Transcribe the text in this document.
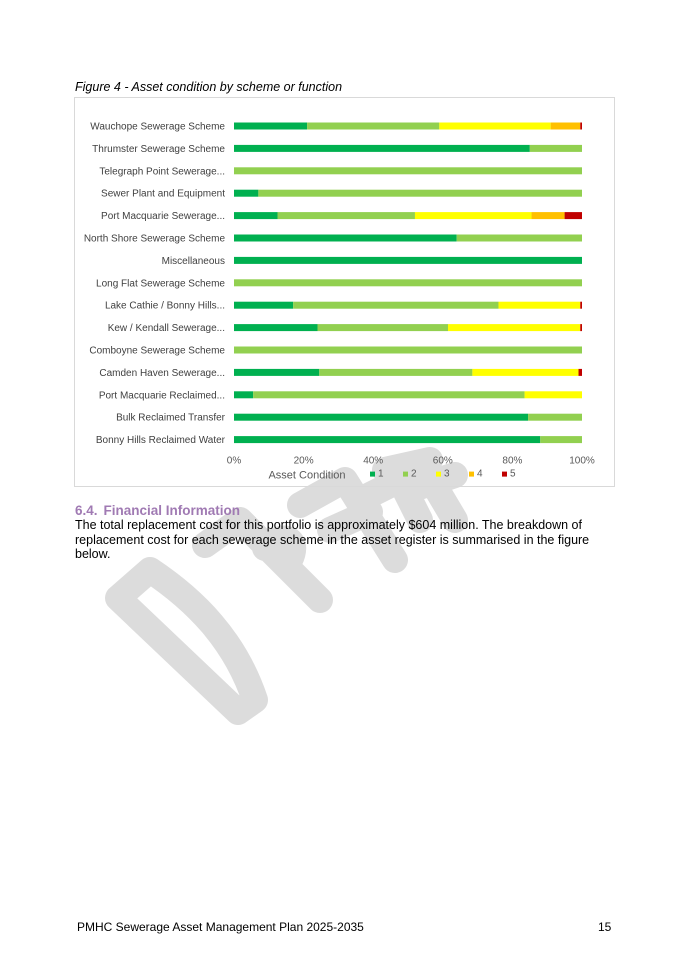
Figure 4 - Asset condition by scheme or function
Wauchope Sewerage Scheme
Thrumster Sewerage Scheme
Telegraph Point Sewerage...
Sewer Plant and Equipment
Port Macquarie Sewerage...
North Shore Sewerage Scheme
Miscellaneous
Long Flat Sewerage Scheme
Lake Cathie / Bonny Hills...
Kew / Kendall Sewerage...
Comboyne Sewerage Scheme
Camden Haven Sewerage...
Port Macquarie Reclaimed...
Bulk Reclaimed Transfer
Bonny Hills Reclaimed Water
0%	20%	40%	60%	80%	100%
Asset Condition	1	2	3	4	5
6.4. Financial Information
The total replacement cost for this portfolio is approximately $604 million. The breakdown of replacement cost for each sewerage scheme in the asset register is summarised in the figure below.
PMHC Sewerage Asset Management Plan 2025-2035	15
